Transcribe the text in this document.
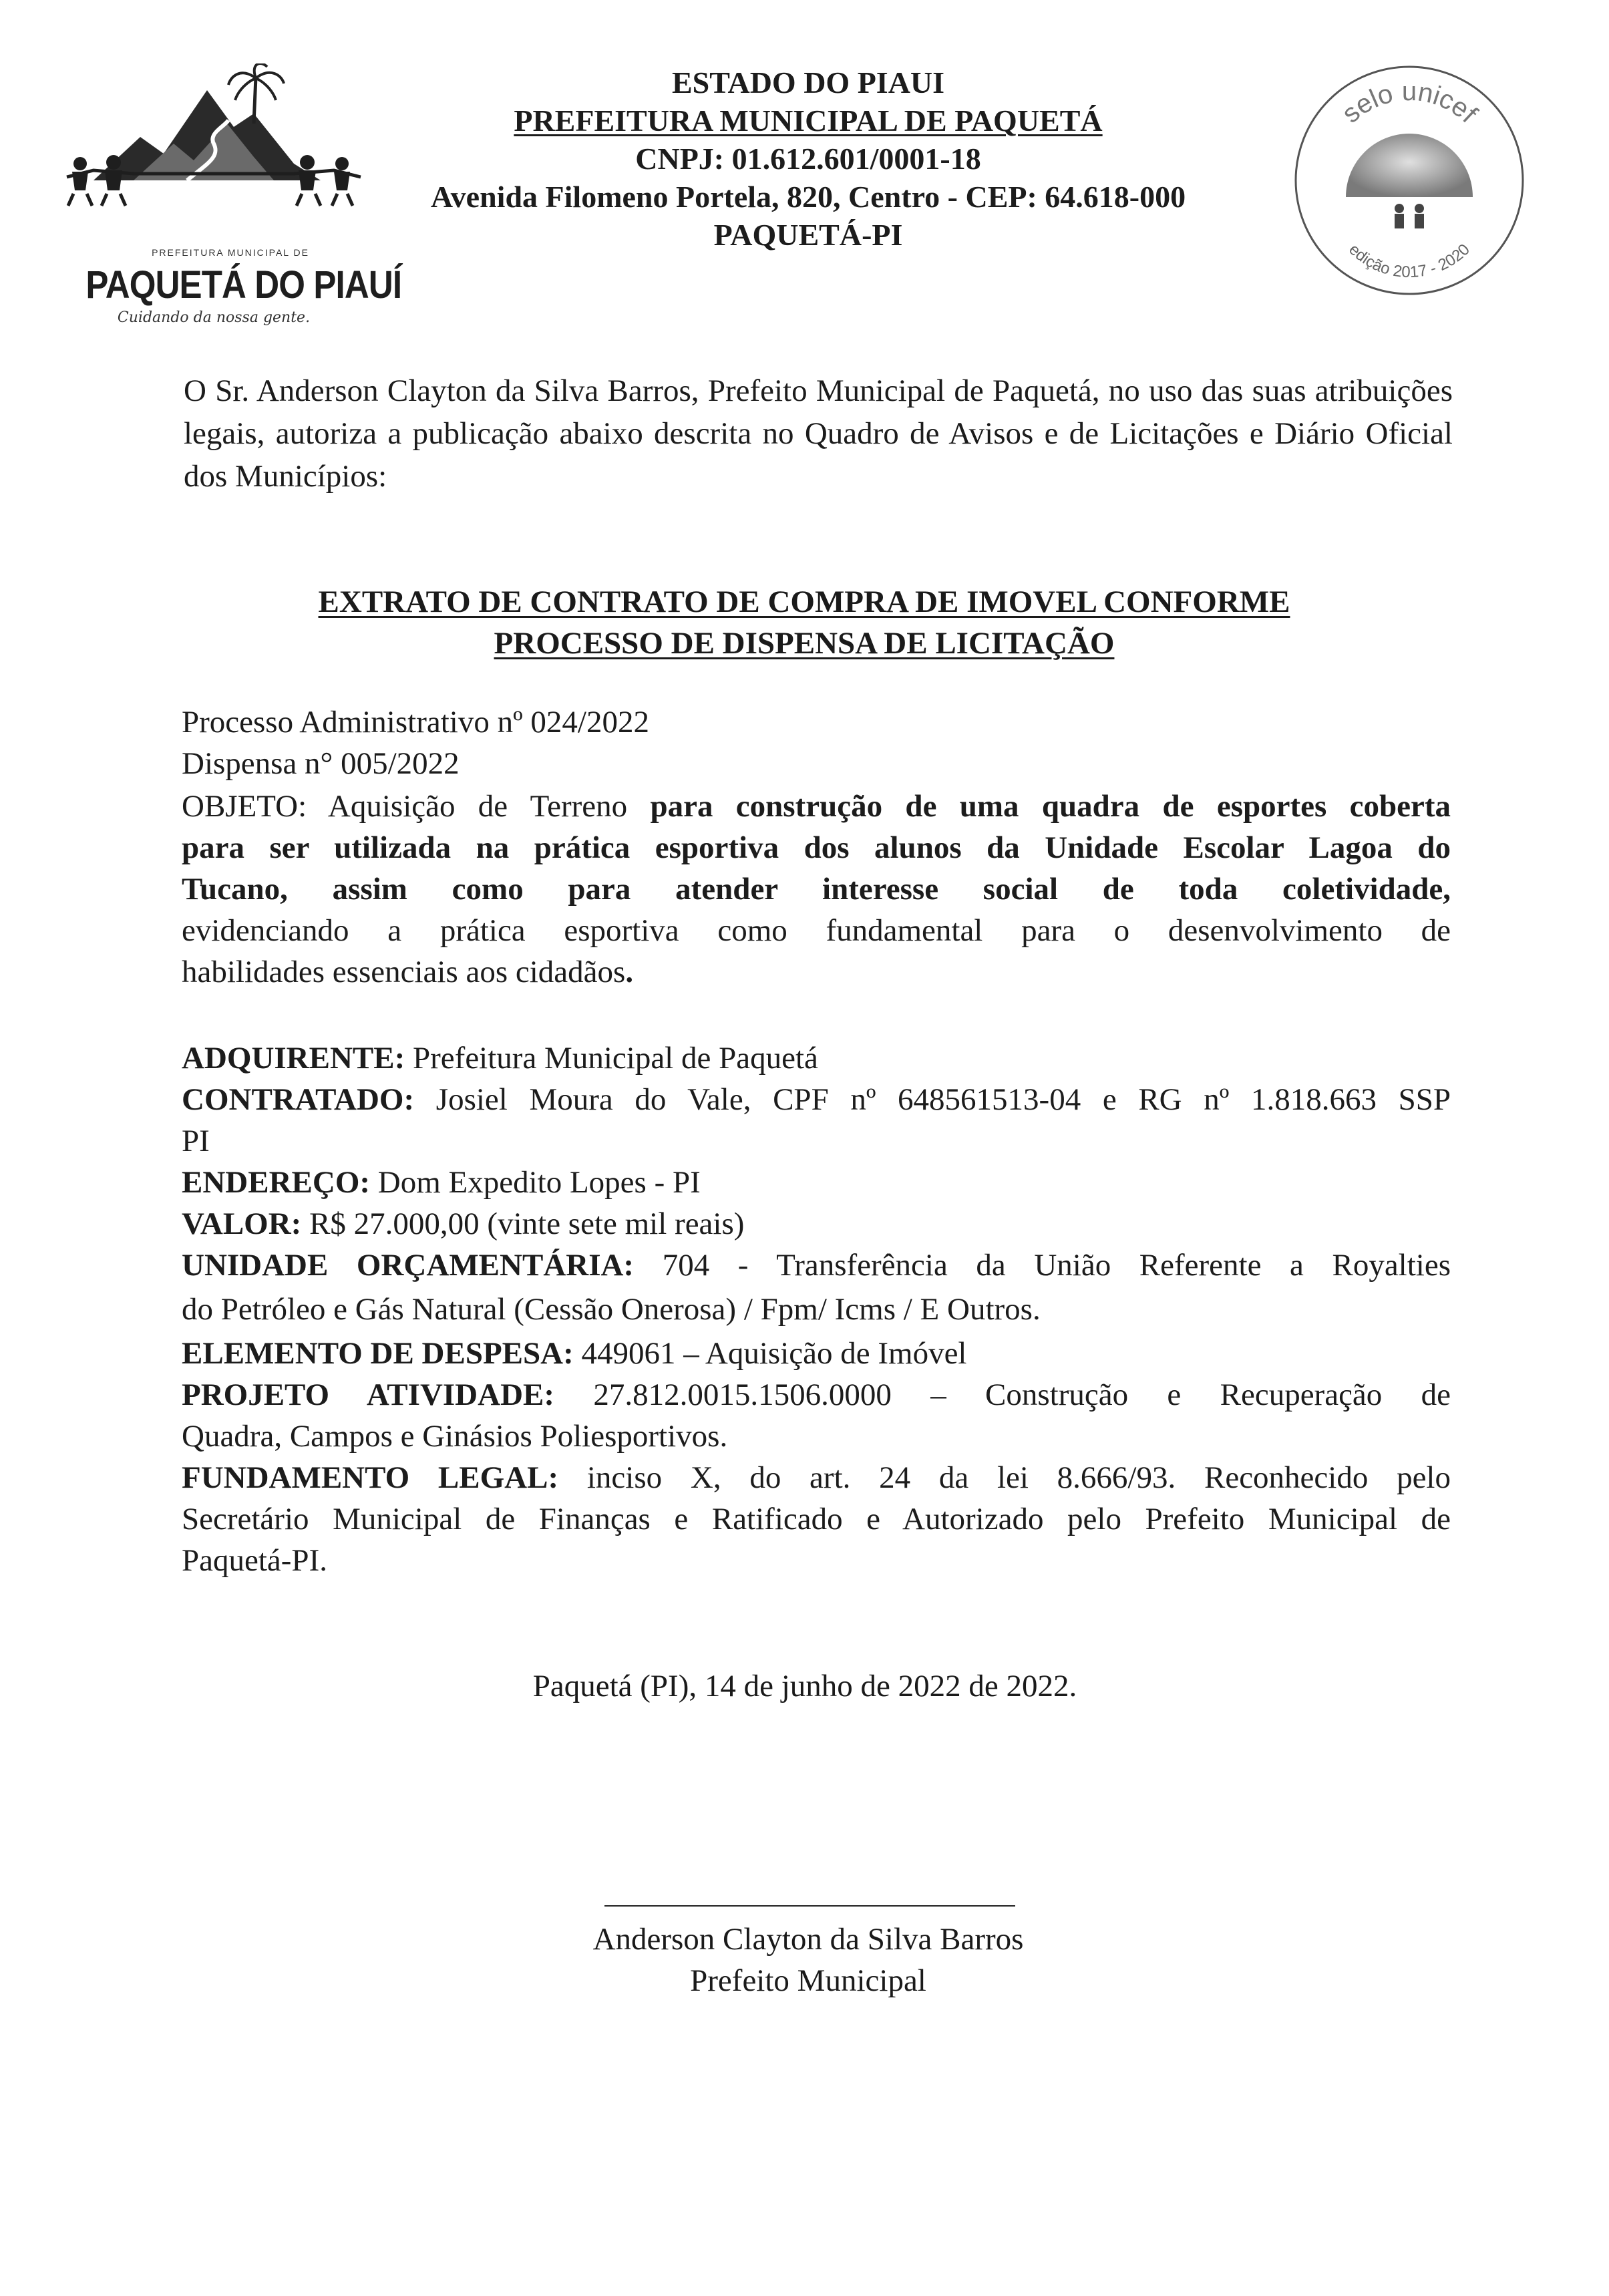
PREFEITURA MUNICIPAL DE
PAQUETÁ DO PIAUÍ
Cuidando da nossa gente.
ESTADO DO PIAUI
PREFEITURA MUNICIPAL DE PAQUETÁ
CNPJ: 01.612.601/0001-18
Avenida Filomeno Portela, 820, Centro - CEP: 64.618-000
PAQUETÁ-PI
selo unicef
edição 2017 - 2020
O Sr. Anderson Clayton da Silva Barros, Prefeito Municipal de Paquetá, no uso das suas atribuições legais, autoriza a publicação abaixo descrita no Quadro de Avisos e de Licitações e Diário Oficial dos Municípios:
EXTRATO DE CONTRATO DE COMPRA DE IMOVEL CONFORME
PROCESSO DE DISPENSA DE LICITAÇÃO
Processo Administrativo nº 024/2022
Dispensa n° 005/2022
OBJETO: Aquisição de Terreno para construção de uma quadra de esportes coberta
para ser utilizada na prática esportiva dos alunos da Unidade Escolar Lagoa do
Tucano, assim como para atender interesse social de toda coletividade,
evidenciando a prática esportiva como fundamental para o desenvolvimento de
habilidades essenciais aos cidadãos.
ADQUIRENTE: Prefeitura Municipal de Paquetá
CONTRATADO: Josiel Moura do Vale, CPF nº 648561513-04 e RG nº 1.818.663 SSP
PI
ENDEREÇO: Dom Expedito Lopes - PI
VALOR: R$ 27.000,00 (vinte sete mil reais)
UNIDADE ORÇAMENTÁRIA: 704 - Transferência da União Referente a Royalties
do Petróleo e Gás Natural (Cessão Onerosa) / Fpm/ Icms / E Outros.
ELEMENTO DE DESPESA: 449061 – Aquisição de Imóvel
PROJETO ATIVIDADE: 27.812.0015.1506.0000 – Construção e Recuperação de
Quadra, Campos e Ginásios Poliesportivos.
FUNDAMENTO LEGAL: inciso X, do art. 24 da lei 8.666/93. Reconhecido pelo
Secretário Municipal de Finanças e Ratificado e Autorizado pelo Prefeito Municipal de
Paquetá-PI.
Paquetá (PI), 14 de junho de 2022 de 2022.
Anderson Clayton da Silva Barros
Prefeito Municipal
